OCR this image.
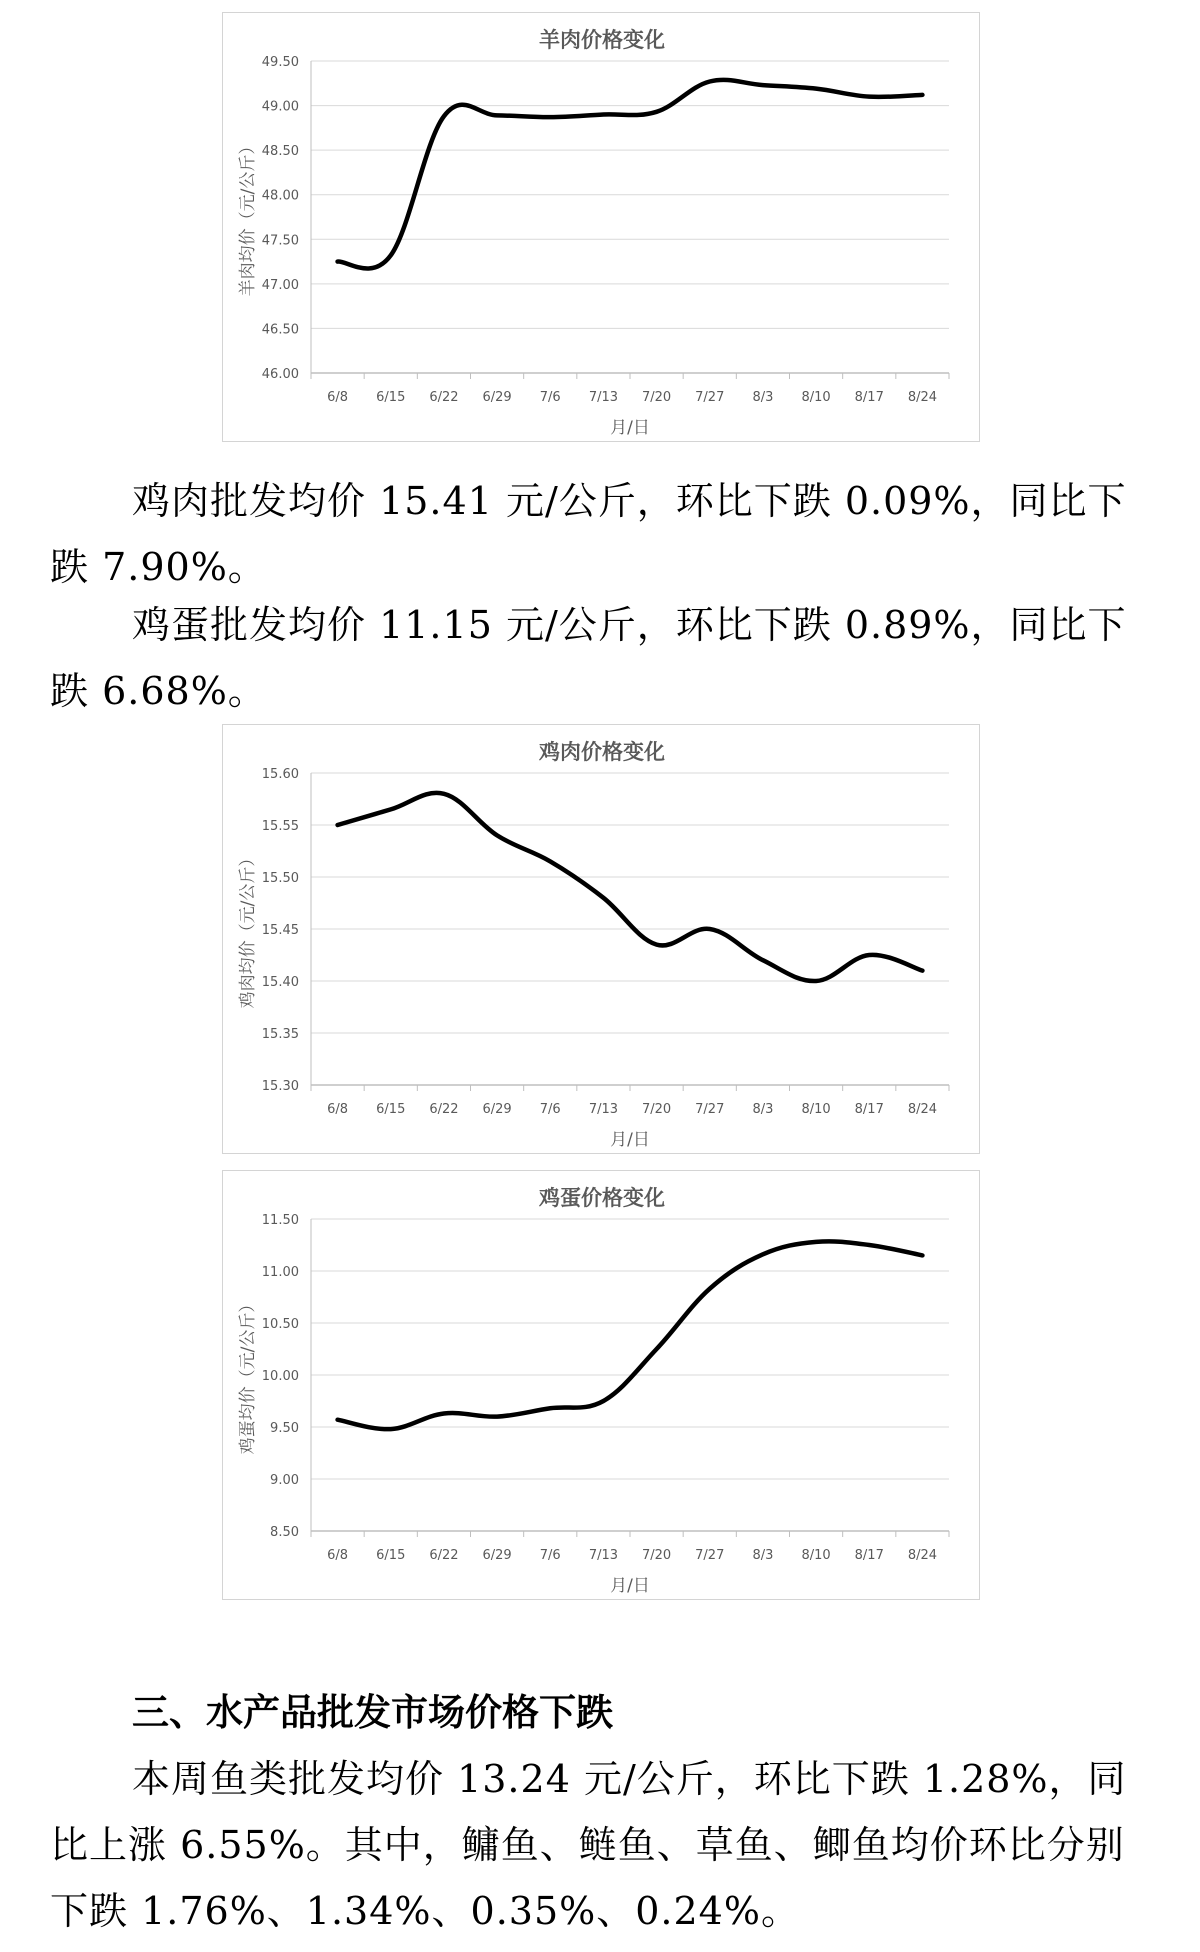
羊肉价格变化
46.00
46.50
47.00
47.50
48.00
48.50
49.00
49.50
6/8 6/15 6/22 6/29 7/6 7/13 7/20 7/27 8/3 8/10 8/17 8/24
月/日
羊肉均价（元/公斤）

鸡肉批发均价 15.41 元/公斤，环比下跌 0.09%，同比下跌 7.90%。

鸡蛋批发均价 11.15 元/公斤，环比下跌 0.89%，同比下跌 6.68%。

鸡肉价格变化
15.30
15.35
15.40
15.45
15.50
15.55
15.60
6/8 6/15 6/22 6/29 7/6 7/13 7/20 7/27 8/3 8/10 8/17 8/24
月/日
鸡肉均价（元/公斤）
鸡蛋价格变化
8.50
9.00
9.50
10.00
10.50
11.00
11.50
6/8 6/15 6/22 6/29 7/6 7/13 7/20 7/27 8/3 8/10 8/17 8/24
月/日
鸡蛋均价（元/公斤）
三、水产品批发市场价格下跌

本周鱼类批发均价 13.24 元/公斤，环比下跌 1.28%，同比上涨 6.55%。其中，鳙鱼、鲢鱼、草鱼、鲫鱼均价环比分别下跌 1.76%、1.34%、0.35%、0.24%。
